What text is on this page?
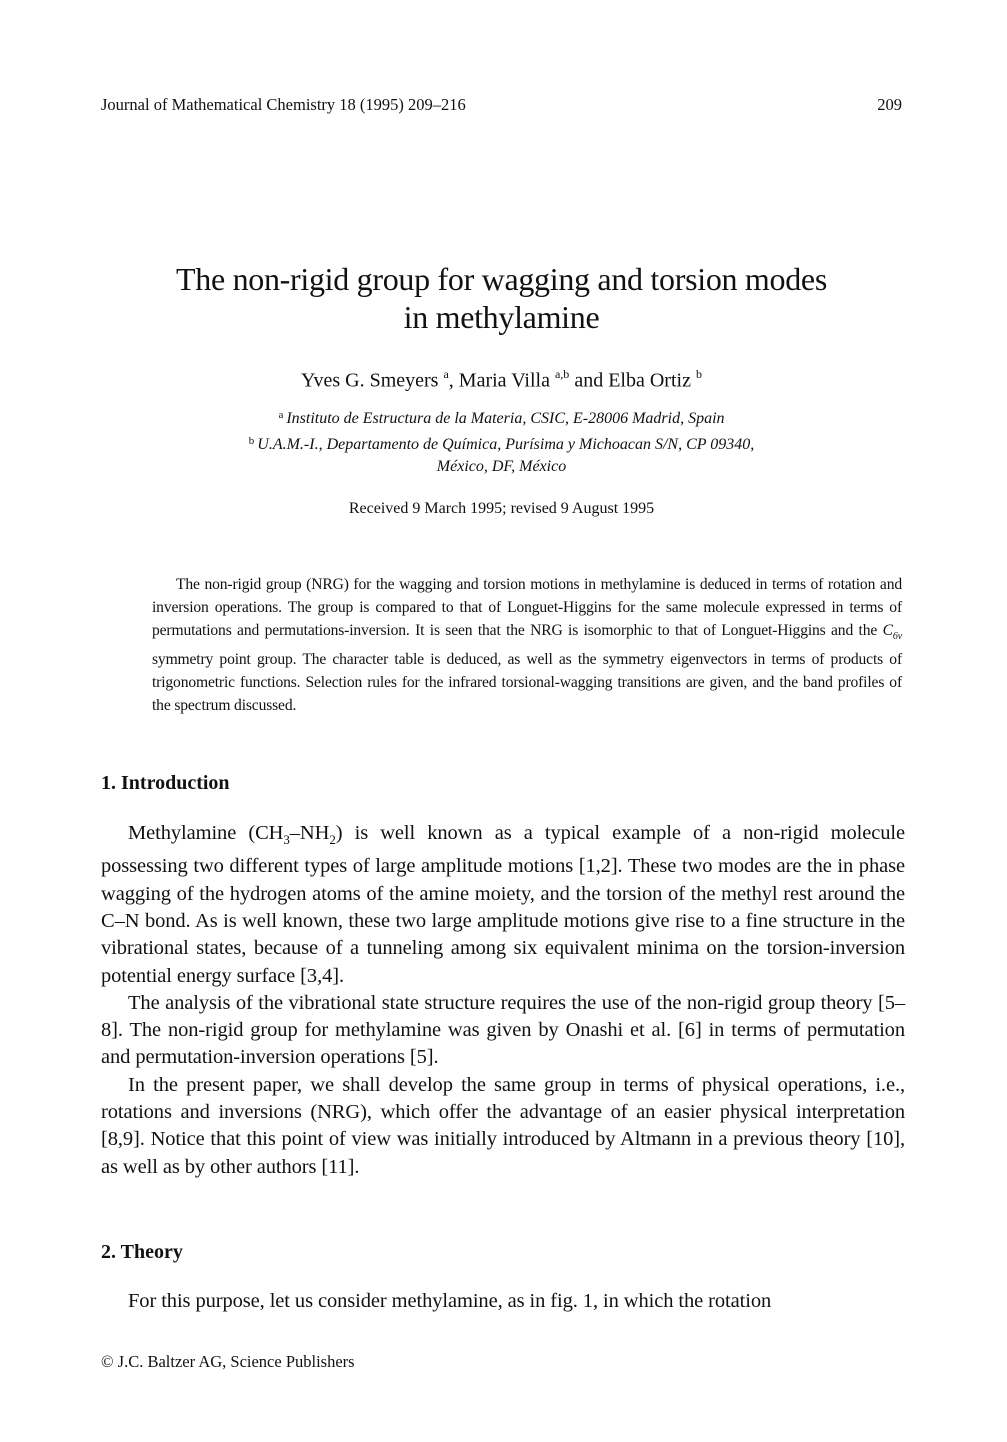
Journal of Mathematical Chemistry 18 (1995) 209–216	209
The non-rigid group for wagging and torsion modes
in methylamine
Yves G. Smeyers $^a$, Maria Villa $^{a,b}$ and Elba Ortiz $^b$
$^a$ Instituto de Estructura de la Materia, CSIC, E-28006 Madrid, Spain
$^b$ U.A.M.-I., Departamento de Química, Purísima y Michoacan S/N, CP 09340,
México, DF, México
Received 9 March 1995; revised 9 August 1995

The non-rigid group (NRG) for the wagging and torsion motions in methylamine is deduced in terms of rotation and inversion operations. The group is compared to that of Longuet-Higgins for the same molecule expressed in terms of permutations and permutations-inversion. It is seen that the NRG is isomorphic to that of Longuet-Higgins and the $C_{6v}$ symmetry point group. The character table is deduced, as well as the symmetry eigenvectors in terms of products of trigonometric functions. Selection rules for the infrared torsional-wagging transitions are given, and the band profiles of the spectrum discussed.

1. Introduction

Methylamine $(CH_3-NH_2)$ is well known as a typical example of a non-rigid molecule possessing two different types of large amplitude motions [1,2]. These two modes are the in phase wagging of the hydrogen atoms of the amine moiety, and the torsion of the methyl rest around the C–N bond. As is well known, these two large amplitude motions give rise to a fine structure in the vibrational states, because of a tunneling among six equivalent minima on the torsion-inversion potential energy surface [3,4].

The analysis of the vibrational state structure requires the use of the non-rigid group theory [5–8]. The non-rigid group for methylamine was given by Onashi et al. [6] in terms of permutation and permutation-inversion operations [5].

In the present paper, we shall develop the same group in terms of physical operations, i.e., rotations and inversions (NRG), which offer the advantage of an easier physical interpretation [8,9]. Notice that this point of view was initially introduced by Altmann in a previous theory [10], as well as by other authors [11].

2. Theory

For this purpose, let us consider methylamine, as in fig. 1, in which the rotation

© J.C. Baltzer AG, Science Publishers
